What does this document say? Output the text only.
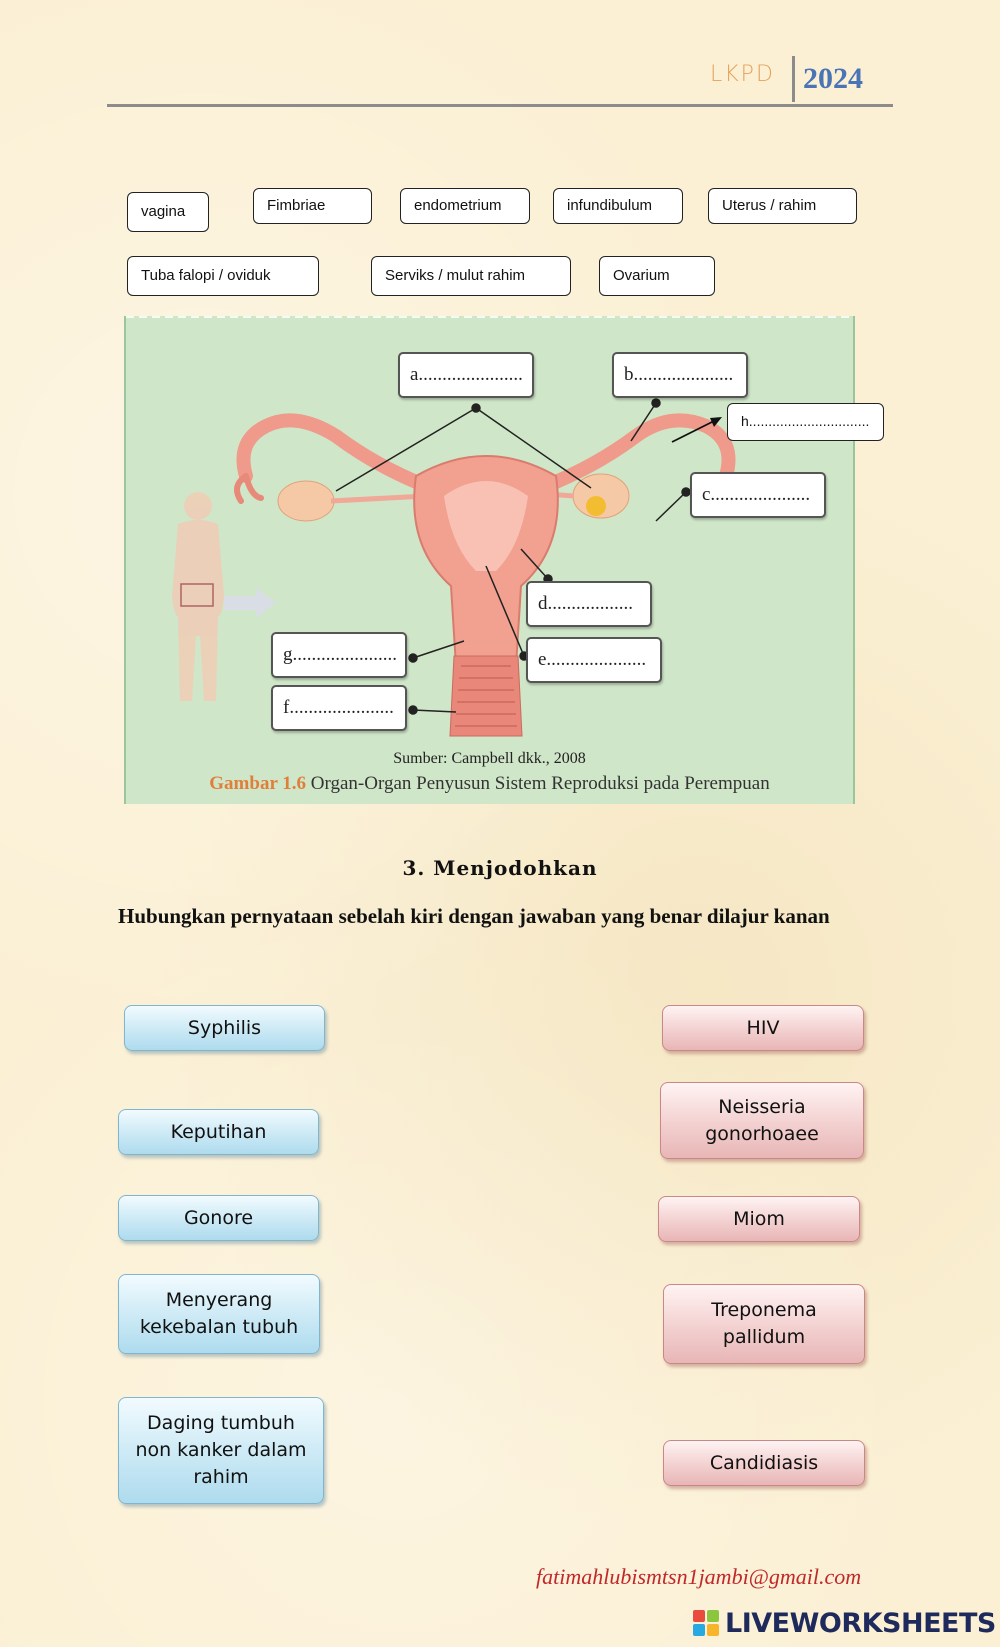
LKPD 2024
vagina	Fimbriae	endometrium	infundibulum	Uterus / rahim
Tuba falopi / oviduk	Serviks / mulut rahim	Ovarium
a......................	b.....................
c.....................
d..................
e.....................
g......................
f......................
Sumber: Campbell dkk., 2008
Gambar 1.6 Organ-Organ Penyusun Sistem Reproduksi pada Perempuan
h...............................
3. Menjodohkan
Hubungkan pernyataan sebelah kiri dengan jawaban yang benar dilajur kanan
Syphilis
Keputihan
Gonore
Menyerang kekebalan tubuh
Daging tumbuh non kanker dalam rahim
HIV
Neisseria gonorhoaee
Miom
Treponema pallidum
Candidiasis
fatimahlubismtsn1jambi@gmail.com
LIVEWORKSHEETS
